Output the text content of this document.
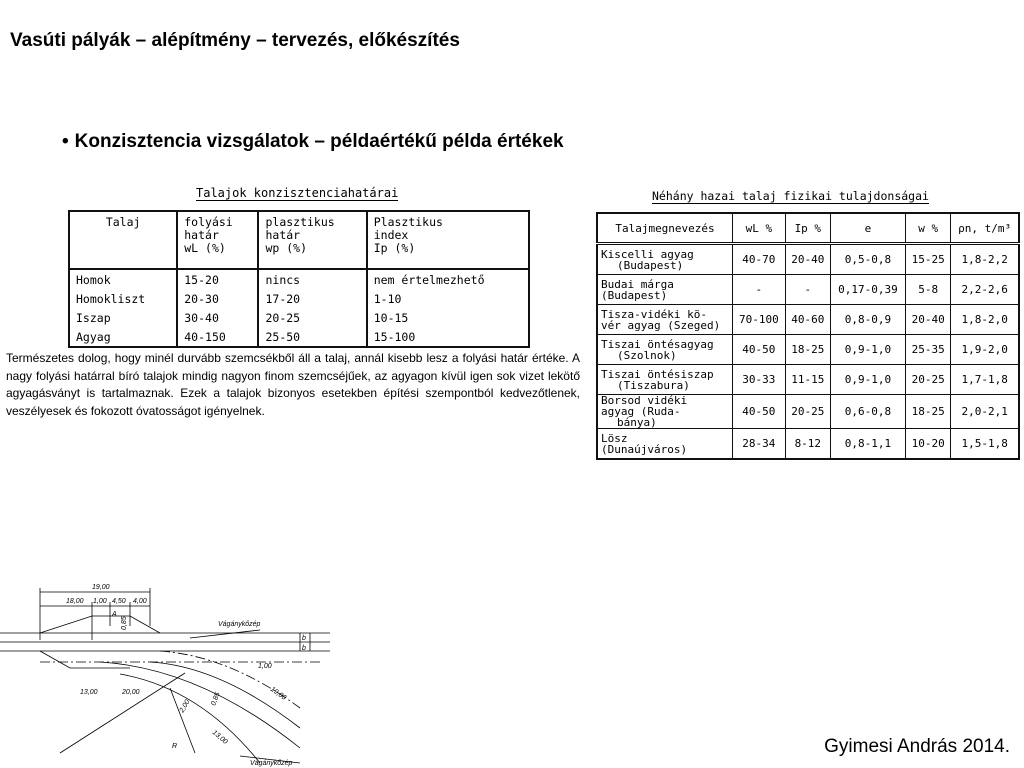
Vasúti pályák – alépítmény – tervezés, előkészítés
• Konzisztencia vizsgálatok – példaértékű példa értékek
Talajok konzisztenciahatárai
Talaj	folyási
határ
wL (%)	plasztikus
határ
wp (%)	Plasztikus
index
Ip (%)
Homok	15-20	nincs	nem értelmezhető
Homokliszt	20-30	17-20	1-10
Iszap	30-40	20-25	10-15
Agyag	40-150	25-50	15-100
Természetes dolog, hogy minél durvább szemcsékből áll a talaj, annál kisebb lesz a folyási határ értéke. A nagy folyási határral bíró talajok mindig nagyon finom szemcséjűek, az agyagon kívül igen sok vizet lekötő agyagásványt is tartalmaznak. Ezek a talajok bizonyos esetekben építési szempontból kedvezőtlenek, veszélyesek és fokozott óvatosságot igényelnek.
Néhány hazai talaj fizikai tulajdonságai
Talajmegnevezés	wL %	Ip %	e	w %	ρn, t/m³

Kiscelli agyag
(Budapest)	40-70	20-40	0,5-0,8	15-25	1,8-2,2

Budai márga
(Budapest)	-	-	0,17-0,39	5-8	2,2-2,6

Tisza-vidéki kö-
vér agyag (Szeged)	70-100	40-60	0,8-0,9	20-40	1,8-2,0

Tiszai öntésagyag
(Szolnok)	40-50	18-25	0,9-1,0	25-35	1,9-2,0

Tiszai öntésiszap
(Tiszabura)	30-33	11-15	0,9-1,0	20-25	1,7-1,8

Borsod vidéki
agyag (Ruda-
bánya)	40-50	20-25	0,6-0,8	18-25	2,0-2,1

Lösz
(Dunaújváros)	28-34	8-12	0,8-1,1	10-20	1,5-1,8
19,00
18,00 1,00 4,50 4,00
0,85
1,00
13,00	20,00	19,00
2,00	0,85
13,00
Vágánykőzép
Vágánykőzép
b
b
R
A
Gyimesi András 2014.
